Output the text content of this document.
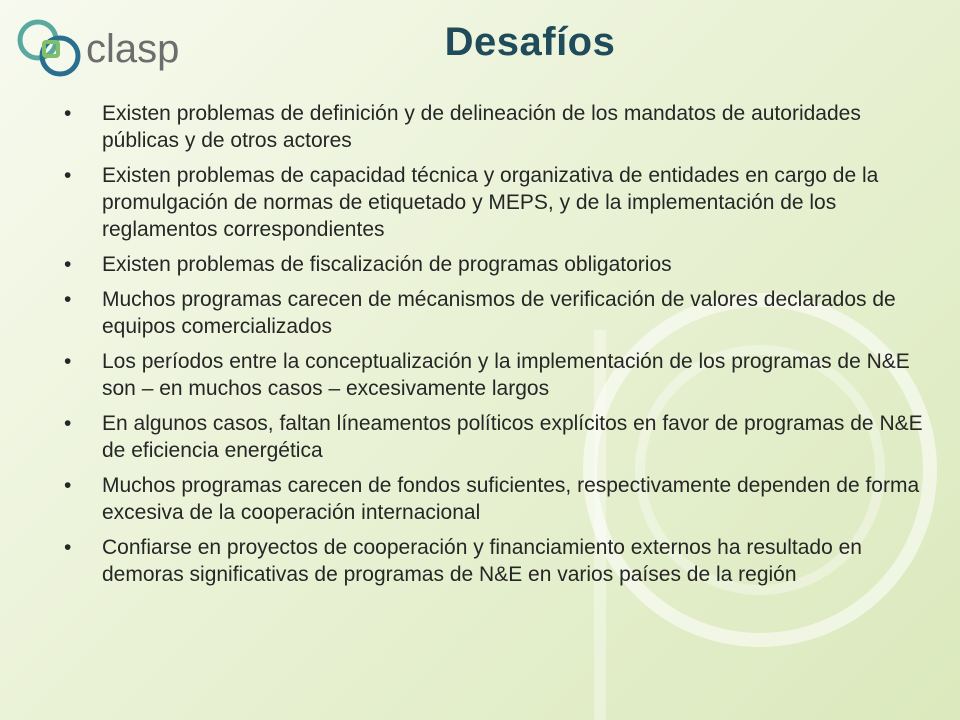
clasp	Desafíos
• Existen problemas de definición y de delineación de los mandatos de autoridades públicas y de otros actores
• Existen problemas de capacidad técnica y organizativa de entidades en cargo de la promulgación de normas de etiquetado y MEPS, y de la implementación de los reglamentos correspondientes
• Existen problemas de fiscalización de programas obligatorios
• Muchos programas carecen de mécanismos de verificación de valores declarados de equipos comercializados
• Los períodos entre la conceptualización y la implementación de los programas de N&E son – en muchos casos – excesivamente largos
• En algunos casos, faltan líneamentos políticos explícitos en favor de programas de N&E de eficiencia energética
• Muchos programas carecen de fondos suficientes, respectivamente dependen de forma excesiva de la cooperación internacional
• Confiarse en proyectos de cooperación y financiamiento externos ha resultado en demoras significativas de programas de N&E en varios países de la región
